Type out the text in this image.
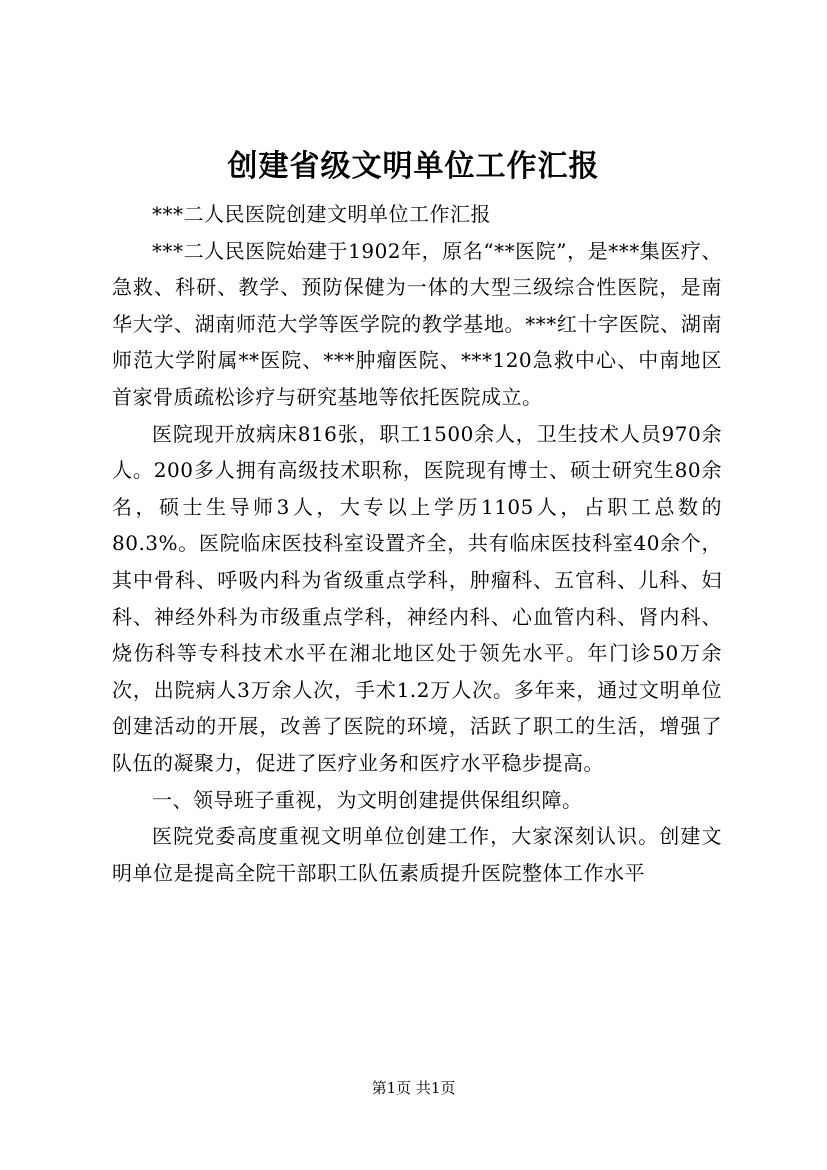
创建省级文明单位工作汇报

***二人民医院创建文明单位工作汇报

***二人民医院始建于1902年，原名“**医院”，是***集医疗、急救、科研、教学、预防保健为一体的大型三级综合性医院，是南华大学、湖南师范大学等医学院的教学基地。***红十字医院、湖南师范大学附属**医院、***肿瘤医院、***120急救中心、中南地区首家骨质疏松诊疗与研究基地等依托医院成立。

医院现开放病床816张，职工1500余人，卫生技术人员970余人。200多人拥有高级技术职称，医院现有博士、硕士研究生80余名，硕士生导师3人，大专以上学历1105人，占职工总数的80.3%。医院临床医技科室设置齐全，共有临床医技科室40余个，其中骨科、呼吸内科为省级重点学科，肿瘤科、五官科、儿科、妇科、神经外科为市级重点学科，神经内科、心血管内科、肾内科、烧伤科等专科技术水平在湘北地区处于领先水平。年门诊50万余次，出院病人3万余人次，手术1.2万人次。多年来，通过文明单位创建活动的开展，改善了医院的环境，活跃了职工的生活，增强了队伍的凝聚力，促进了医疗业务和医疗水平稳步提高。

一、领导班子重视，为文明创建提供保组织障。

医院党委高度重视文明单位创建工作，大家深刻认识。创建文明单位是提高全院干部职工队伍素质提升医院整体工作水平

第1页 共1页
